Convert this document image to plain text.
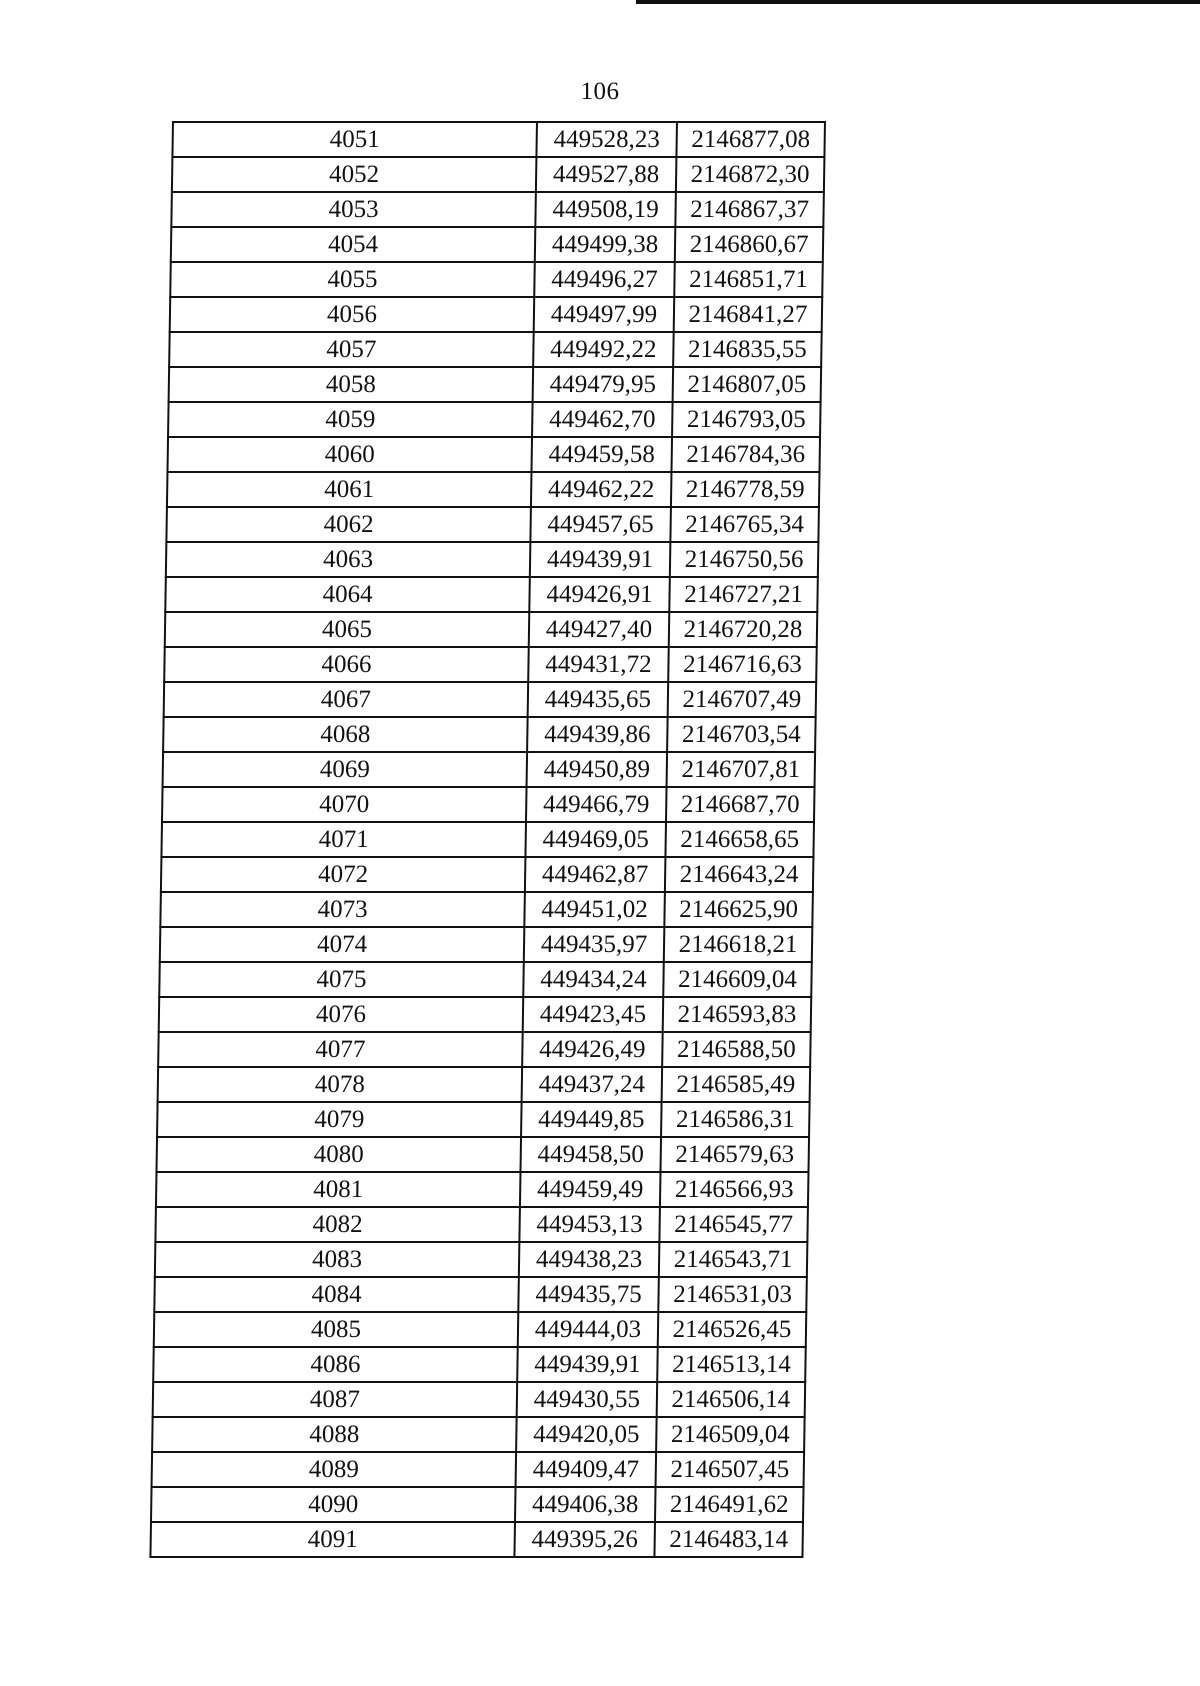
106
4051	449528,23	2146877,08
4052	449527,88	2146872,30
4053	449508,19	2146867,37
4054	449499,38	2146860,67
4055	449496,27	2146851,71
4056	449497,99	2146841,27
4057	449492,22	2146835,55
4058	449479,95	2146807,05
4059	449462,70	2146793,05
4060	449459,58	2146784,36
4061	449462,22	2146778,59
4062	449457,65	2146765,34
4063	449439,91	2146750,56
4064	449426,91	2146727,21
4065	449427,40	2146720,28
4066	449431,72	2146716,63
4067	449435,65	2146707,49
4068	449439,86	2146703,54
4069	449450,89	2146707,81
4070	449466,79	2146687,70
4071	449469,05	2146658,65
4072	449462,87	2146643,24
4073	449451,02	2146625,90
4074	449435,97	2146618,21
4075	449434,24	2146609,04
4076	449423,45	2146593,83
4077	449426,49	2146588,50
4078	449437,24	2146585,49
4079	449449,85	2146586,31
4080	449458,50	2146579,63
4081	449459,49	2146566,93
4082	449453,13	2146545,77
4083	449438,23	2146543,71
4084	449435,75	2146531,03
4085	449444,03	2146526,45
4086	449439,91	2146513,14
4087	449430,55	2146506,14
4088	449420,05	2146509,04
4089	449409,47	2146507,45
4090	449406,38	2146491,62
4091	449395,26	2146483,14
